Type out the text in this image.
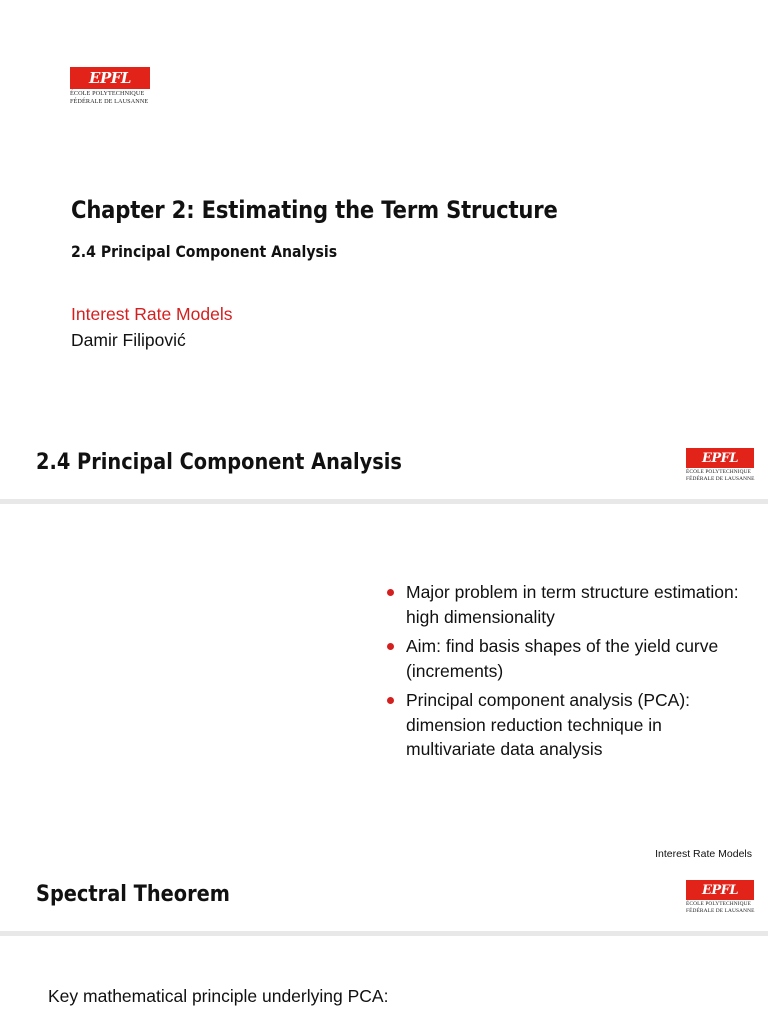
EPFL
ÉCOLE POLYTECHNIQUE
FÉDÉRALE DE LAUSANNE
Chapter 2: Estimating the Term Structure
2.4 Principal Component Analysis

Interest Rate Models

Damir Filipović

2.4 Principal Component Analysis	EPFL
ÉCOLE POLYTECHNIQUE
FÉDÉRALE DE LAUSANNE
Major problem in term structure estimation: high dimensionality
Aim: find basis shapes of the yield curve (increments)
Principal component analysis (PCA): dimension reduction technique in multivariate data analysis
Interest Rate Models
Spectral Theorem	EPFL
ÉCOLE POLYTECHNIQUE
FÉDÉRALE DE LAUSANNE

Key mathematical principle underlying PCA:
